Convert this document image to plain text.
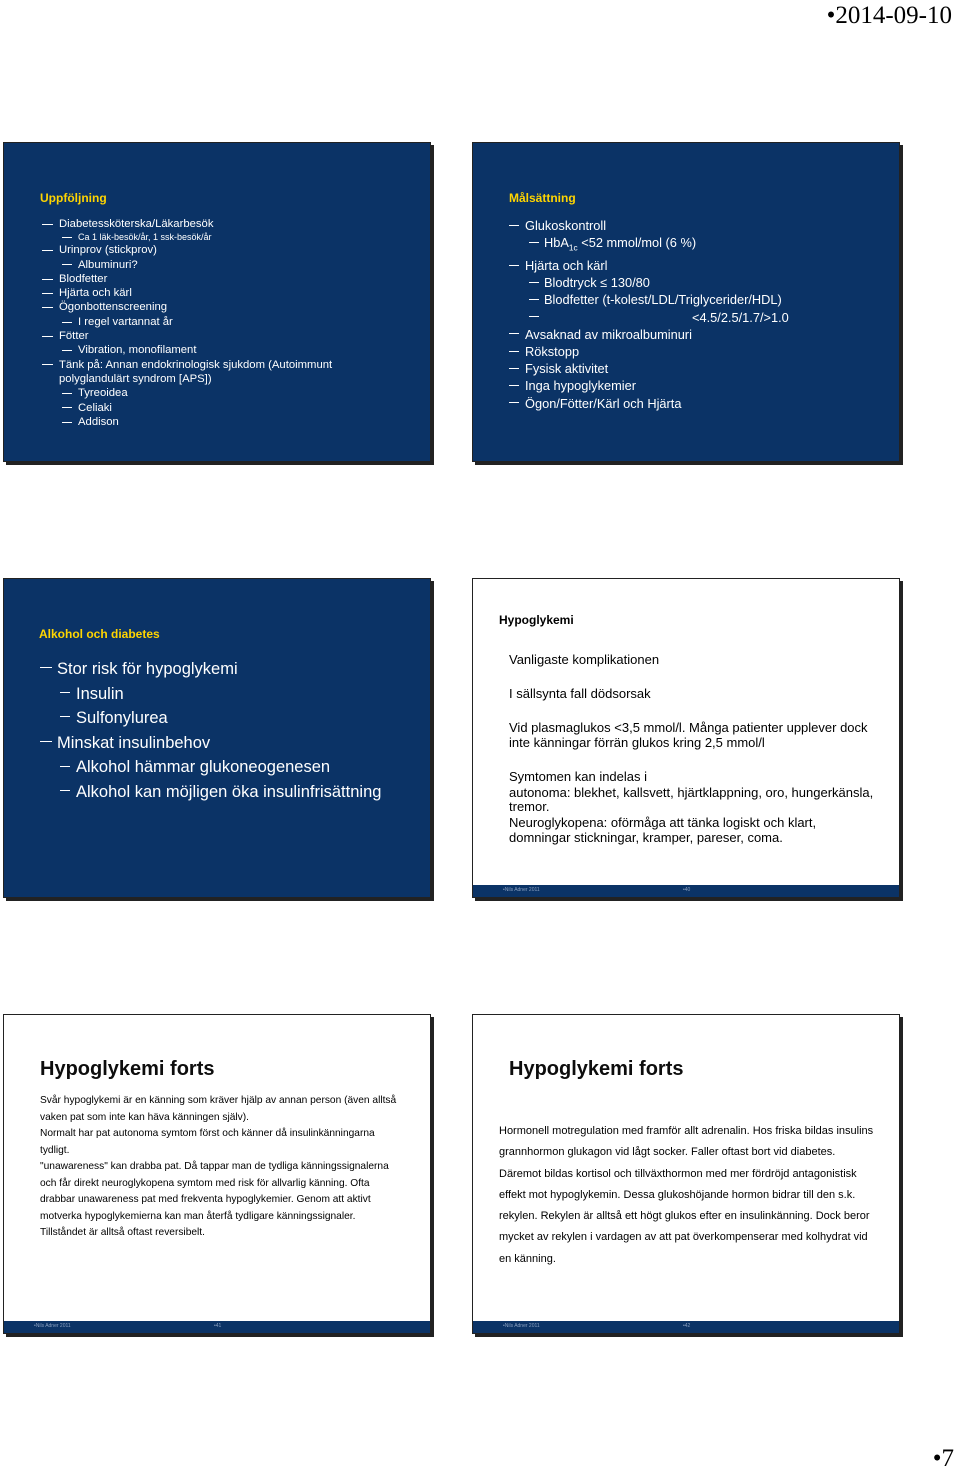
•2014-09-10
Uppföljning
Diabetessköterska/Läkarbesök
Ca 1 läk-besök/år, 1 ssk-besök/år
Urinprov (stickprov)
Albuminuri?
Blodfetter
Hjärta och kärl
Ögonbottenscreening
I regel vartannat år
Fötter
Vibration, monofilament
Tänk på: Annan endokrinologisk sjukdom (Autoimmunt
polyglandulärt syndrom [APS])
Tyreoidea
Celiaki
Addison
Målsättning
Glukoskontroll
HbA$_{1c}$ <52 mmol/mol (6 %)
Hjärta och kärl
Blodtryck ≤ 130/80
Blodfetter (t-kolest/LDL/Triglycerider/HDL)
<4.5/2.5/1.7/>1.0
Avsaknad av mikroalbuminuri
Rökstopp
Fysisk aktivitet
Inga hypoglykemier
Ögon/Fötter/Kärl och Hjärta
Alkohol och diabetes
Stor risk för hypoglykemi
Insulin
Sulfonylurea
Minskat insulinbehov
Alkohol hämmar glukoneogenesen
Alkohol kan möjligen öka insulinfrisättning
Hypoglykemi

Vanligaste komplikationen

I sällsynta fall dödsorsak

Vid plasmaglukos <3,5 mmol/l. Många patienter upplever dock inte känningar förrän glukos kring 2,5 mmol/l

Symtomen kan indelas i

autonoma: blekhet, kallsvett, hjärtklappning, oro, hungerkänsla, tremor.

Neuroglykopena: oförmåga att tänka logiskt och klart, domningar stickningar, kramper, pareser, coma.

•Nils Adner 2011	•40
Hypoglykemi forts
Svår hypoglykemi är en känning som kräver hjälp av annan person (även alltså vaken pat som inte kan häva känningen själv).
Normalt har pat autonoma symtom först och känner då insulinkänningarna tydligt.
"unawareness" kan drabba pat. Då tappar man de tydliga känningssignalerna och får direkt neuroglykopena symtom med risk för allvarlig känning. Ofta drabbar unawareness pat med frekventa hypoglykemier. Genom att aktivt motverka hypoglykemierna kan man återfå tydligare känningssignaler. Tillståndet är alltså oftast reversibelt.
•Nils Adner 2011	•41
Hypoglykemi forts
Hormonell motregulation med framför allt adrenalin. Hos friska bildas insulins grannhormon glukagon vid lågt socker. Faller oftast bort vid diabetes. Däremot bildas kortisol och tillväxthormon med mer fördröjd antagonistisk effekt mot hypoglykemin. Dessa glukoshöjande hormon bidrar till den s.k. rekylen. Rekylen är alltså ett högt glukos efter en insulinkänning. Dock beror mycket av rekylen i vardagen av att pat överkompenserar med kolhydrat vid en känning.
•Nils Adner 2011	•42
•7
